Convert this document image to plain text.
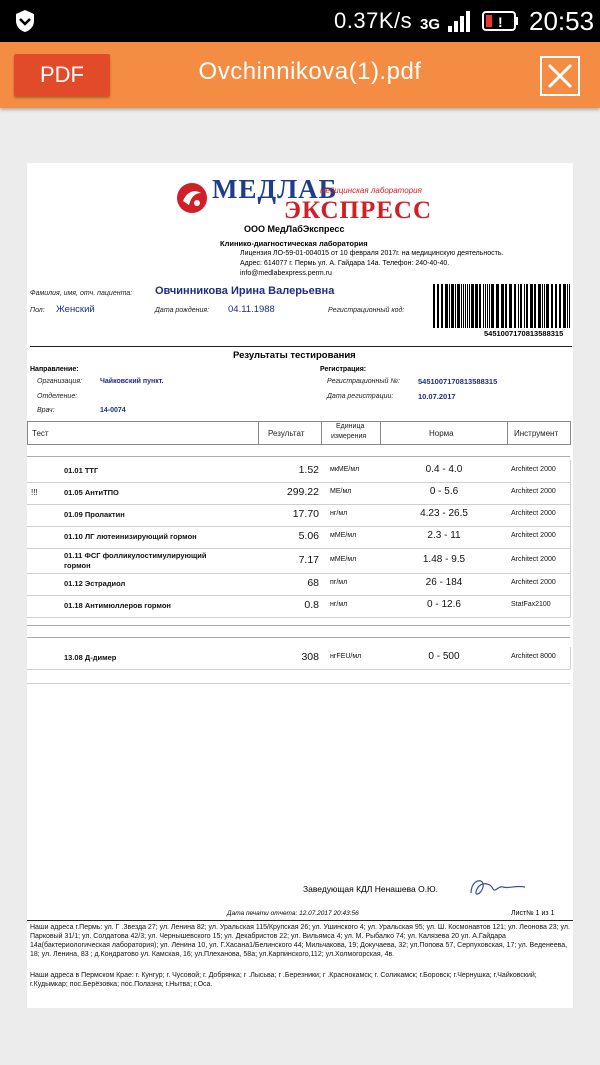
0.37K/s 3G	! 20:53
PDF	Ovchinnikova(1).pdf
МЕДЛАБ
медицинская лаборатория
ЭКСПРЕСС
ООО МедЛабЭкспресс
Клинико-диагностическая лаборатория
Лицензия ЛО-59-01-004015 от 10 февраля 2017г. на медицинскую деятельность.
Адрес: 614077 г. Пермь ул. А. Гайдара 14а. Телефон: 240-40-40.
info@medlabexpress.perm.ru
Фамилия, имя, отч. пациента: Овчинникова Ирина Валерьевна
Пол: Женский	Дата рождения: 04.11.1988	Регистрационный код:
5451007170813588315
Результаты тестирования
Направление:
Организация:	Чайковский пункт.
Отделение:
Врач:	14-0074
Регистрация:
Регистрационный №: 5451007170813588315
Дата регистрации:	10.07.2017
Тест	Результат
Единица
измерения	Норма	Инструмент
01.01 ТТГ	1.52 мкМЕ/мл	0.4 - 4.0	Architect 2000
!!!	01.05 АнтиТПО	299.22 МЕ/мл	0 - 5.6	Architect 2000
01.09 Пролактин	17.70 нг/мл	4.23 - 26.5	Architect 2000
01.10 ЛГ лютеинизирующий гормон	5.06 мМЕ/мл	2.3 - 11	Architect 2000
01.11 ФСГ фолликулостимулирующий
гормон	7.17 мМЕ/мл	1.48 - 9.5	Architect 2000
01.12 Эстрадиол	68 пг/мл	26 - 184	Architect 2000
01.18 Антимюллеров гормон	0.8 нг/мл	0 - 12.6	StatFax2100
13.08 Д-димер	308 нгFEU/мл	0 - 500	Architect 8000
Заведующая КДЛ Ненашева О.Ю.
Дата печати отчета: 12.07.2017 20:43:56	Лист№ 1 из 1
Наши адреса г.Пермь: ул. Г .Звезда 27; ул. Ленина 82; ул. Уральская 115/Крупская 26; ул. Ушинского 4; ул. Уральская 95; ул. Ш. Космонавтов 121; ул. Леонова 23; ул. Парковый 31/1; ул. Солдатова 42/3; ул. Чернышевского 15; ул. Декабристов 22; ул. Вильямса 4; ул. М. Рыбалко 74; ул. Калязева 20 ул. А.Гайдара 14а(бактериологическая лаборатория); ул. Ленина 10, ул. Г.Хасана1/Белинского 44; Мильчакова, 19; Докучаева, 32; ул.Попова 57, Серпуховская, 17; ул. Веденеева, 18; ул. Ленина, 83 ; д.Кондратово ул. Камская, 16; ул.Плеханова, 58а; ул.Карпинского,112; ул.Холмогорская, 4в.
Наши адреса в Пермском Крае: г. Кунгур; г. Чусовой; г. Добрянка; г .Лысьва; г .Березники; г .Краснокамск; г. Соликамск; г.Боровск; г.Чернушка; г.Чайковский; г.Кудымкар; пос.Берёзовка; пос.Полазна; г.Нытва; г.Оса.
